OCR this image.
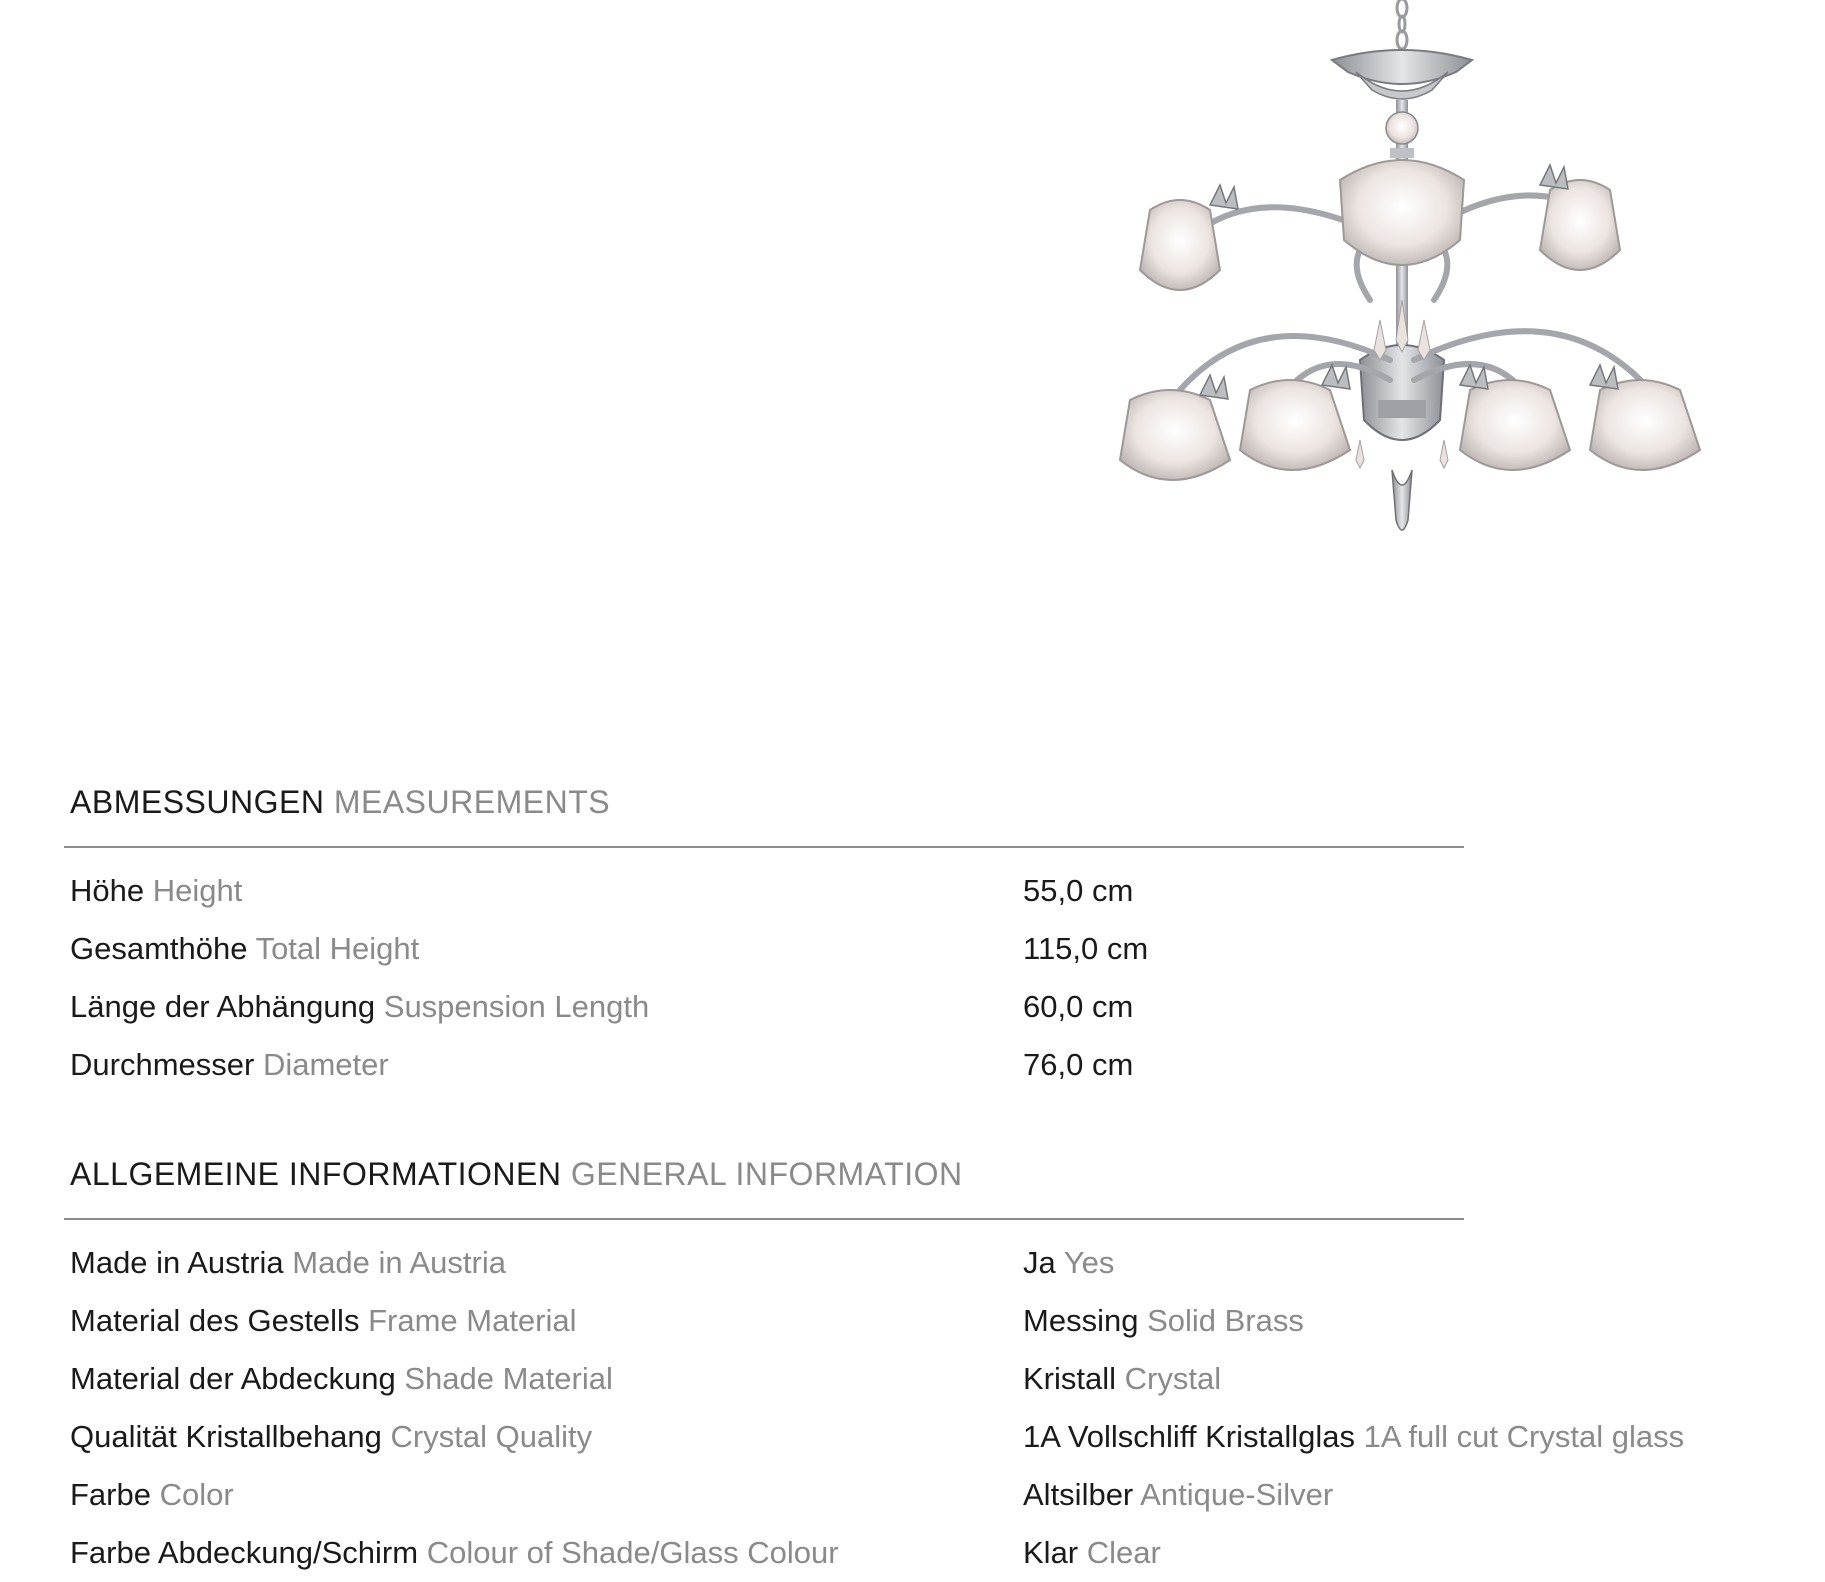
ABMESSUNGEN MEASUREMENTS
Höhe Height	55,0 cm
Gesamthöhe Total Height	115,0 cm
Länge der Abhängung Suspension Length	60,0 cm
Durchmesser Diameter	76,0 cm
ALLGEMEINE INFORMATIONEN GENERAL INFORMATION
Made in Austria Made in Austria	Ja Yes
Material des Gestells Frame Material	Messing Solid Brass
Material der Abdeckung Shade Material	Kristall Crystal
Qualität Kristallbehang Crystal Quality	1A Vollschliff Kristallglas 1A full cut Crystal glass
Farbe Color	Altsilber Antique-Silver
Farbe Abdeckung/Schirm Colour of Shade/Glass Colour	Klar Clear
